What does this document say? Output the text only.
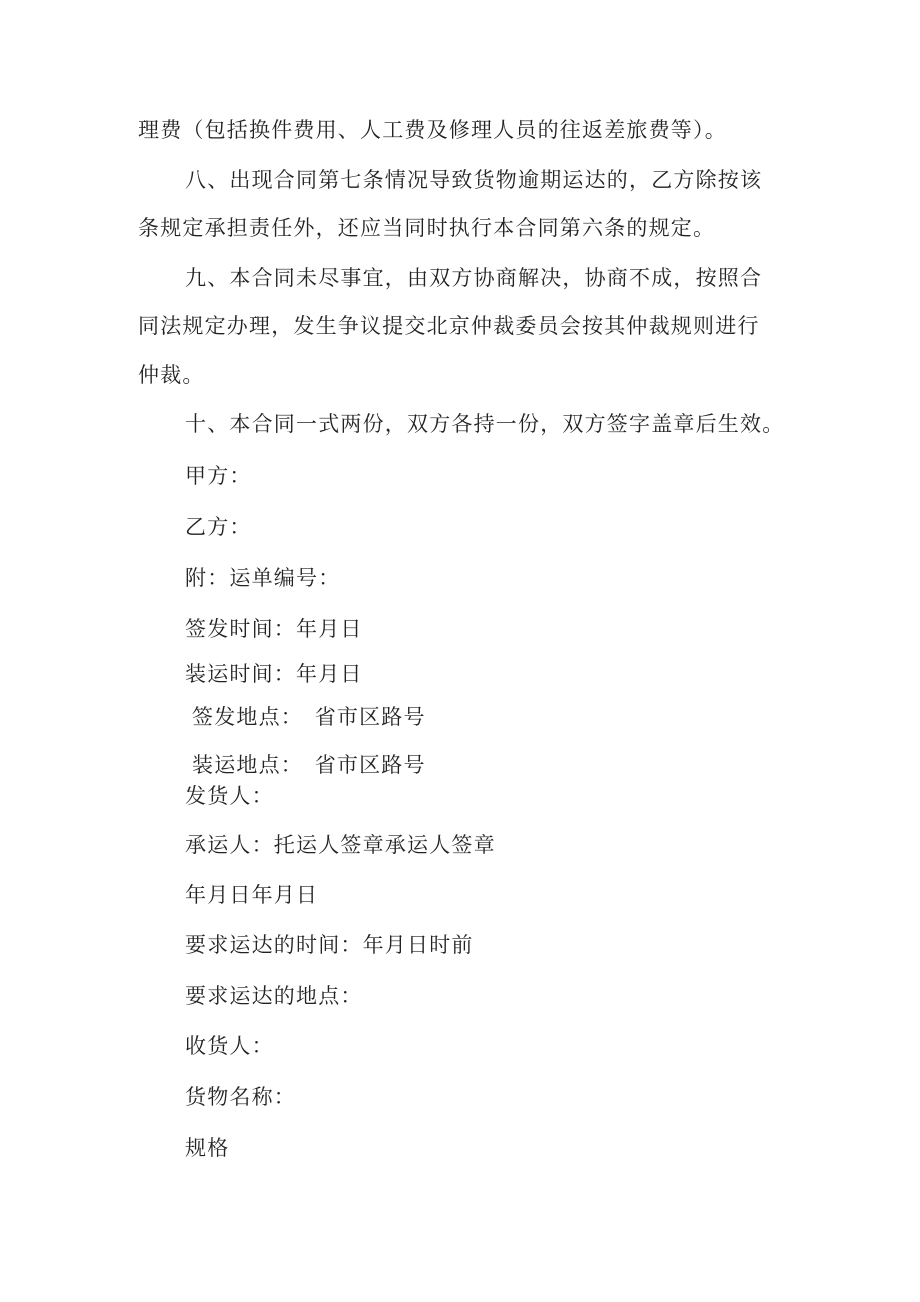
理费（包括换件费用、人工费及修理人员的往返差旅费等）。
八、出现合同第七条情况导致货物逾期运达的，乙方除按该
条规定承担责任外，还应当同时执行本合同第六条的规定。
九、本合同未尽事宜，由双方协商解决，协商不成，按照合
同法规定办理，发生争议提交北京仲裁委员会按其仲裁规则进行
仲裁。
十、本合同一式两份，双方各持一份，双方签字盖章后生效。
甲方：
乙方：
附：运单编号：
签发时间：年月日
装运时间：年月日
签发地点：　省市区路号
装运地点：　省市区路号
发货人：
承运人：托运人签章承运人签章
年月日年月日
要求运达的时间：年月日时前
要求运达的地点：
收货人：
货物名称：
规格
